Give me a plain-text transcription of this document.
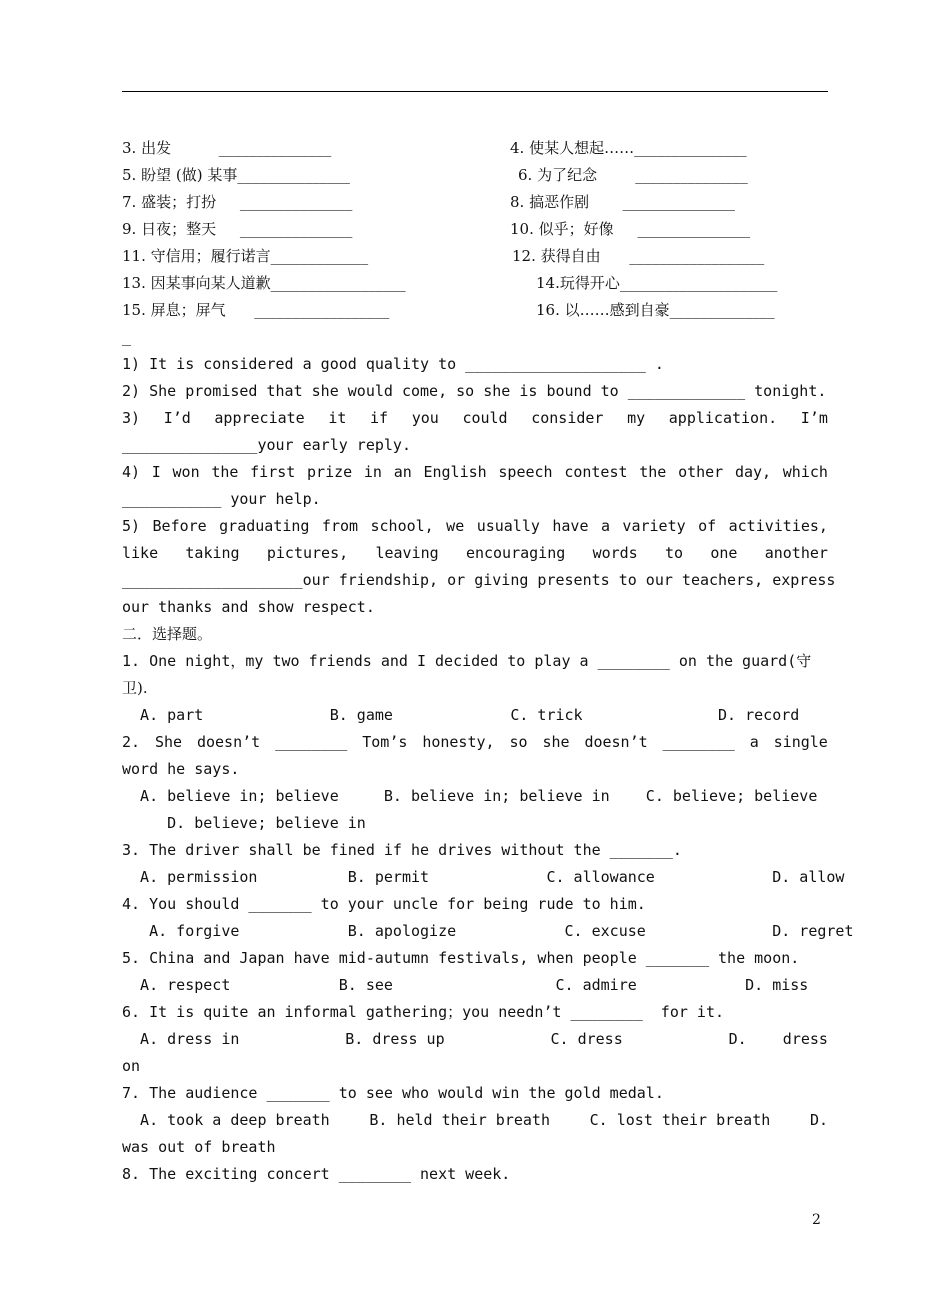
3. 出发          _______________	4. 使某人想起……_______________
5. 盼望 (做) 某事_______________	6. 为了纪念        _______________
7. 盛装；打扮     _______________	8. 搞恶作剧       _______________
9. 日夜；整天     _______________	10. 似乎；好像     _______________
11. 守信用；履行诺言_____________	12. 获得自由      __________________
13. 因某事向某人道歉__________________	14.玩得开心_____________________
15. 屏息；屏气      __________________	16. 以……感到自豪______________
_
1) It is considered a good quality to ____________________ .
2) She promised that she would come, so she is bound to _____________ tonight.
3) I’d appreciate it if you could consider my application. I’m
_______________your early reply.
4) I won the first prize in an English speech contest the other day, which
___________ your help.
5) Before graduating from school, we usually have a variety of activities,
like taking pictures, leaving encouraging words to one another
____________________our friendship, or giving presents to our teachers, express
our thanks and show respect.
二．选择题。
1. One night，my two friends and I decided to play a ________ on the guard(守
卫).
A. part              B. game             C. trick               D. record
2. She doesn’t ________ Tom’s honesty, so she doesn’t ________ a single
word he says.
A. believe in; believe     B. believe in; believe in    C. believe; believe
D. believe; believe in
3. The driver shall be fined if he drives without the _______.
A. permission          B. permit             C. allowance             D. allow
4. You should _______ to your uncle for being rude to him.
A. forgive            B. apologize            C. excuse              D. regret
5. China and Japan have mid-autumn festivals, when people _______ the moon.
A. respect            B. see                  C. admire            D. miss
6. It is quite an informal gathering；you needn’t ________  for it.
A. dress in	B. dress up	C. dress	D.    dress
on
7. The audience _______ to see who would win the gold medal.
A. took a deep breath	B. held their breath	C. lost their breath	D.
was out of breath
8. The exciting concert ________ next week.
2
